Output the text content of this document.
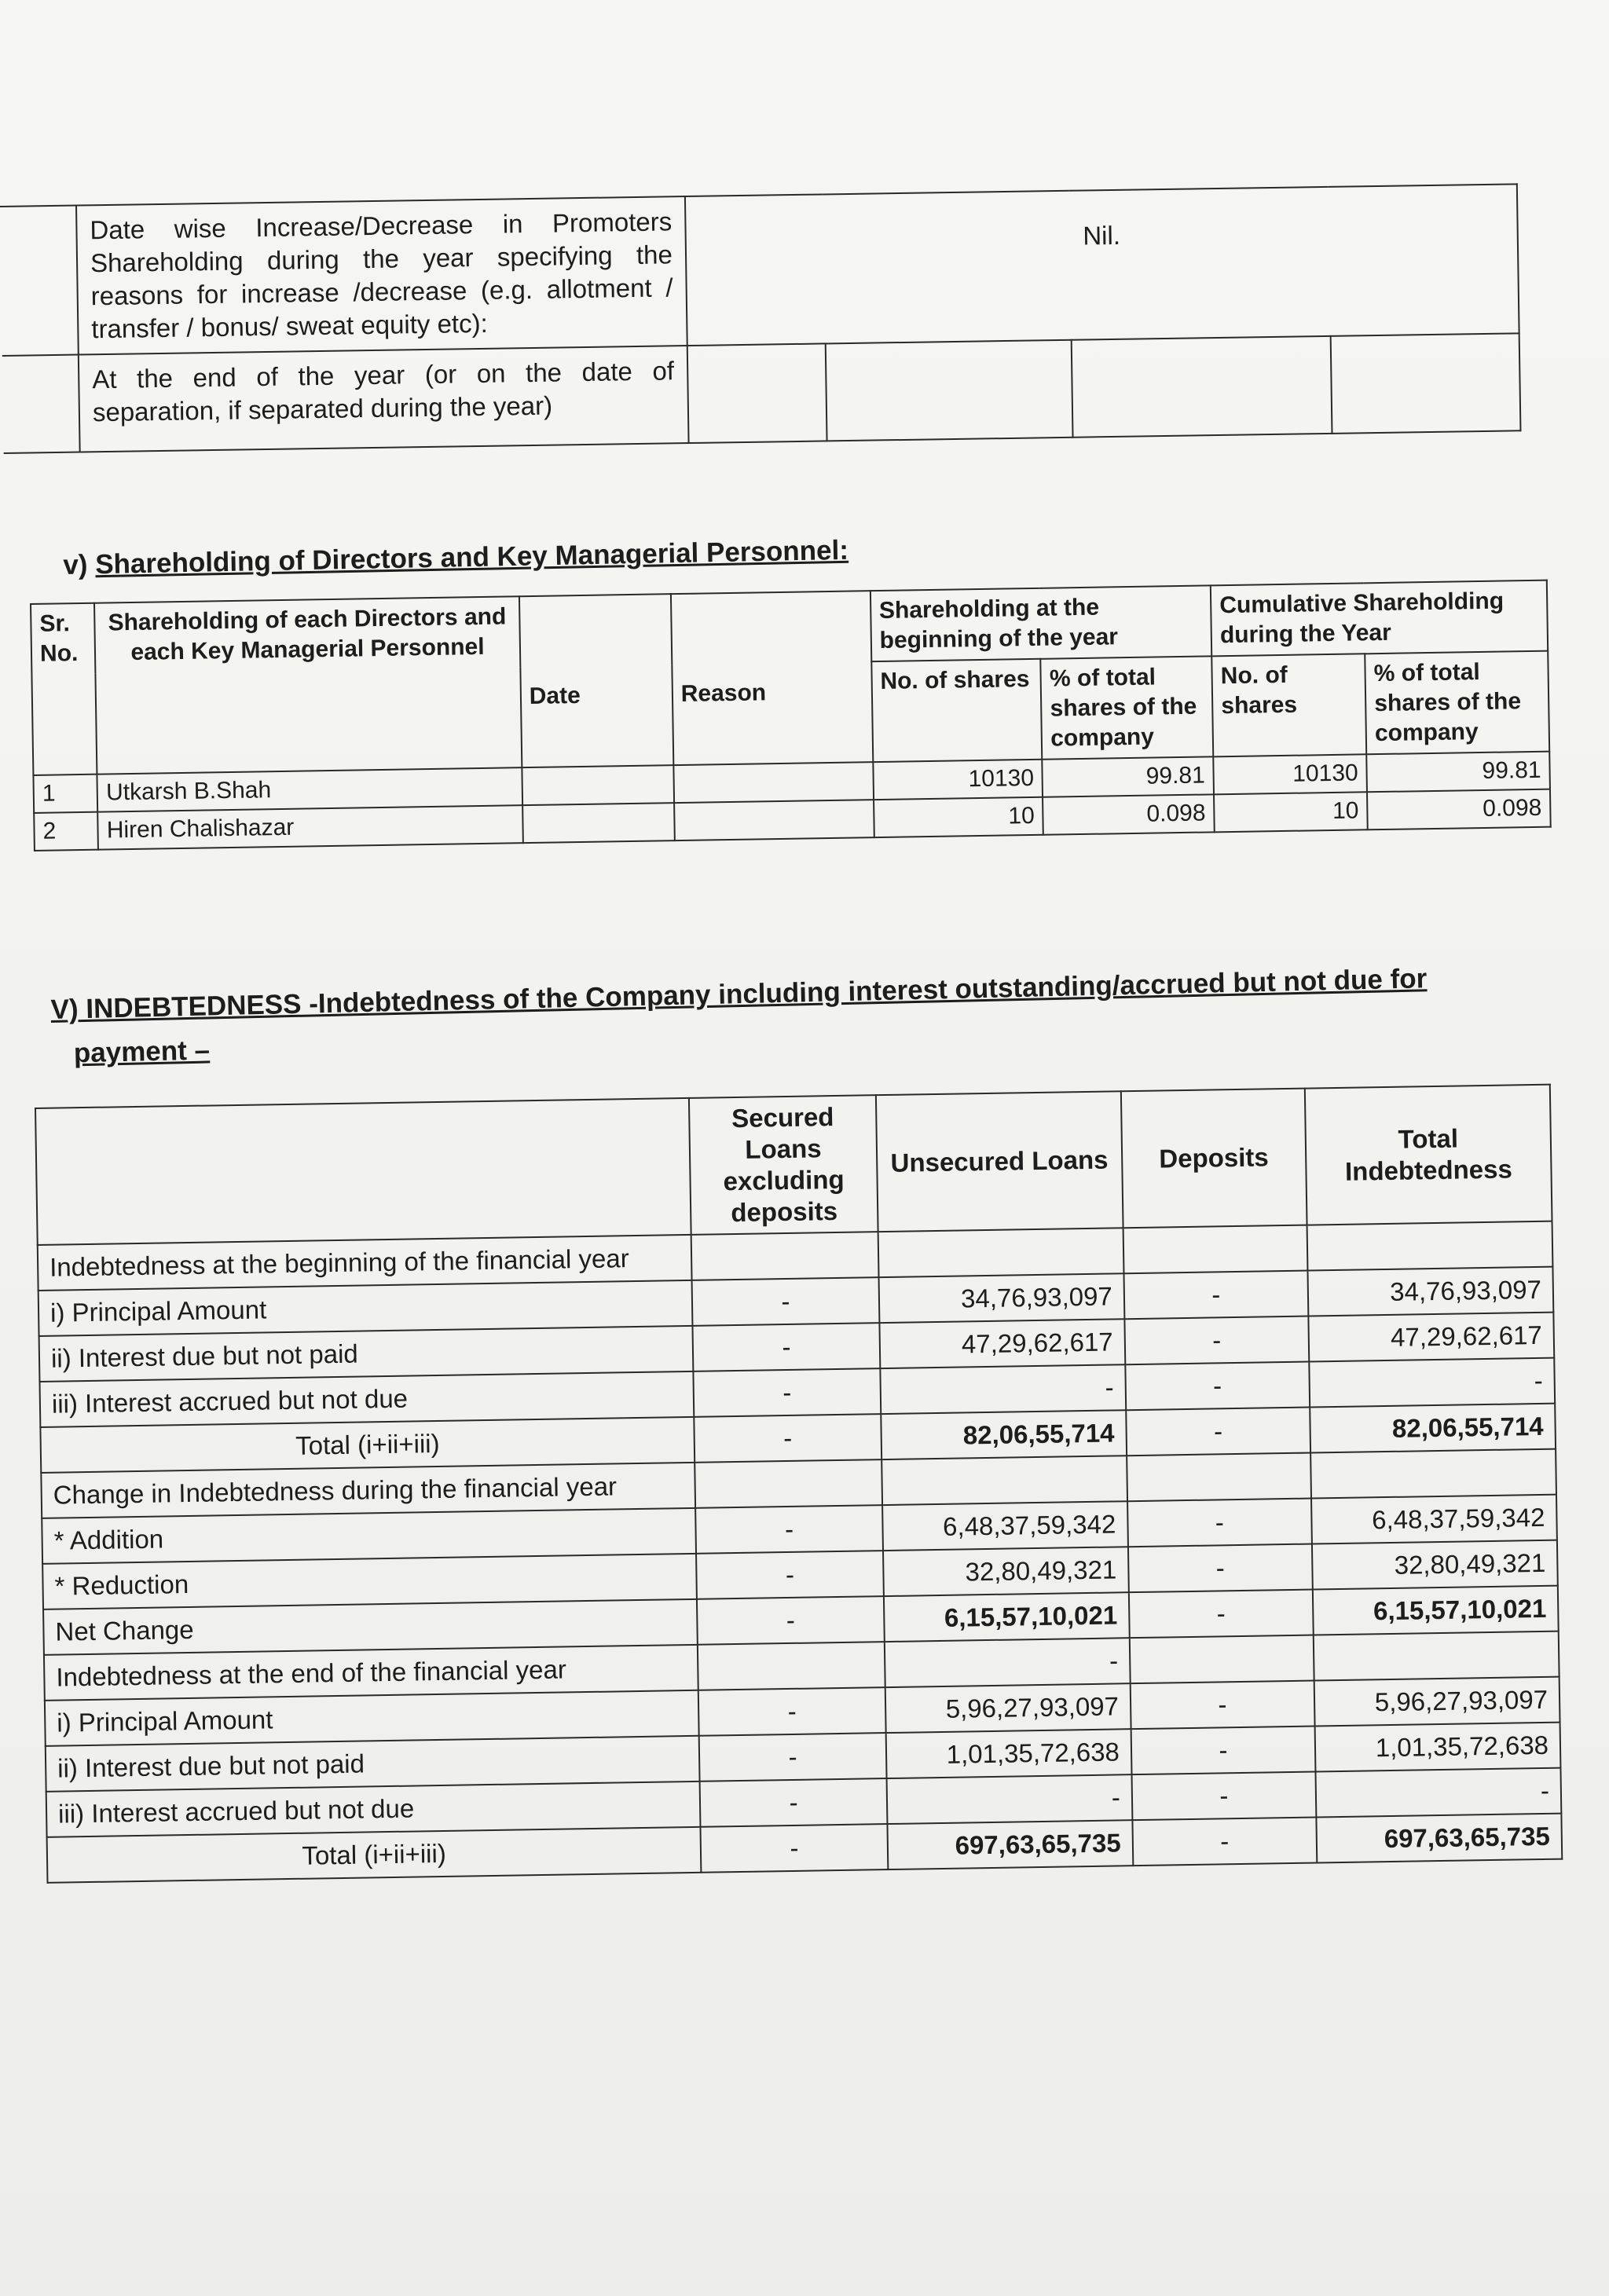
	Date wise Increase/Decrease in Promoters Shareholding during the year specifying the reasons for increase /decrease (e.g. allotment / transfer / bonus/ sweat equity etc):	Nil.			
	At the end of the year (or on the date of separation, if separated during the year)				
v) Shareholding of Directors and Key Managerial Personnel:
Sr. No.	Shareholding of each Directors and each Key Managerial Personnel	Date	Reason	Shareholding at the beginning of the year		Cumulative Shareholding during the Year	
				No. of shares	% of total shares of the company	No. of shares	% of total shares of the company
1	Utkarsh B.Shah			10130	99.81	10130	99.81
2	Hiren Chalishazar			10	0.098	10	0.098
V) INDEBTEDNESS -Indebtedness of the Company including interest outstanding/accrued but not due for
payment –
	Secured Loans excluding deposits	Unsecured Loans	Deposits	Total Indebtedness
Indebtedness at the beginning of the financial year				
i) Principal Amount	-	34,76,93,097	-	34,76,93,097
ii) Interest due but not paid	-	47,29,62,617	-	47,29,62,617
iii) Interest accrued but not due	-	-	-	-
Total (i+ii+iii)	-	82,06,55,714	-	82,06,55,714
Change in Indebtedness during the financial year				
* Addition	-	6,48,37,59,342	-	6,48,37,59,342
* Reduction	-	32,80,49,321	-	32,80,49,321
Net Change	-	6,15,57,10,021	-	6,15,57,10,021
Indebtedness at the end of the financial year		-		
i) Principal Amount	-	5,96,27,93,097	-	5,96,27,93,097
ii) Interest due but not paid	-	1,01,35,72,638	-	1,01,35,72,638
iii) Interest accrued but not due	-	-	-	-
Total (i+ii+iii)	-	697,63,65,735	-	697,63,65,735
